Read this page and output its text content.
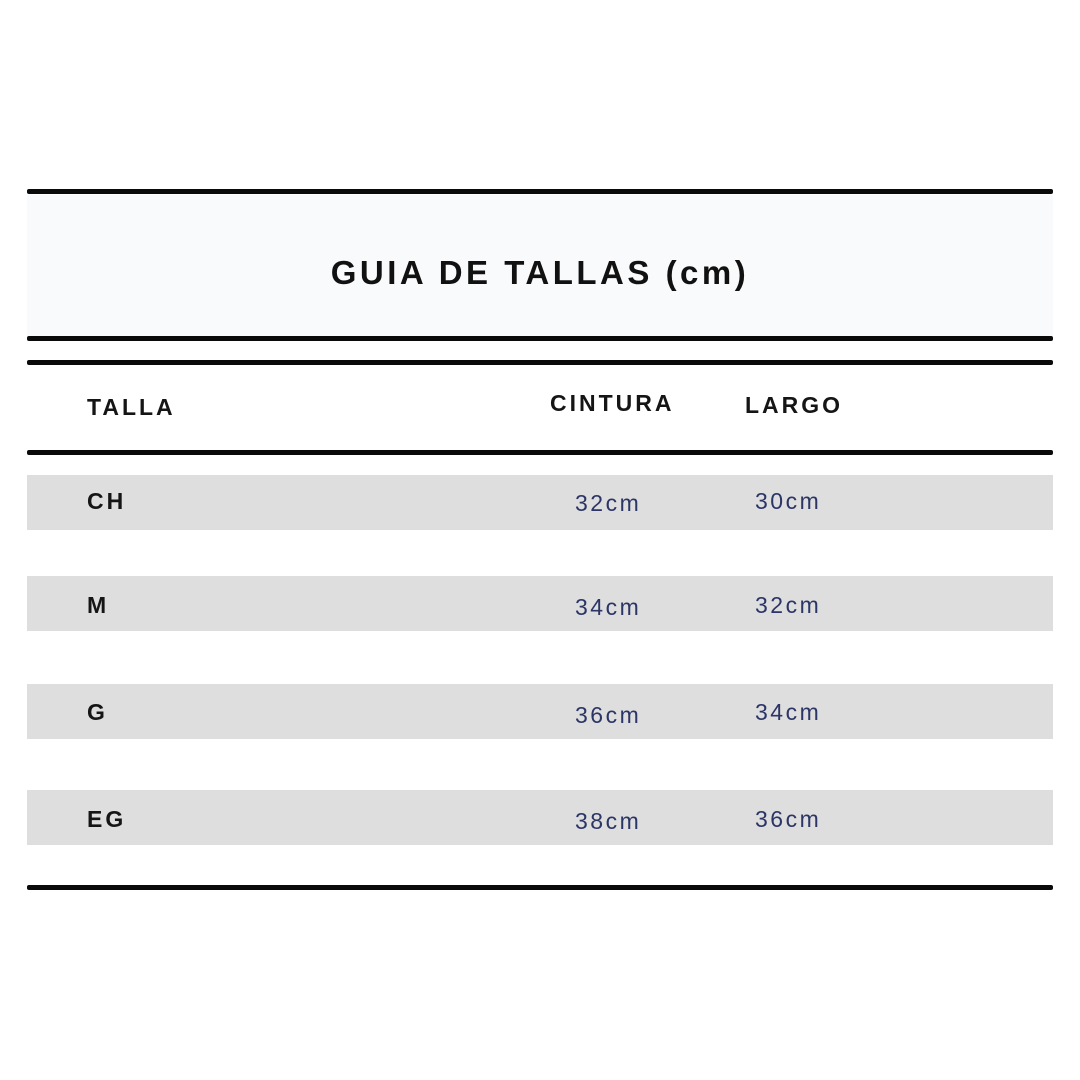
GUIA DE TALLAS (cm)
TALLA	CINTURA	LARGO
CH	32cm	30cm
M	34cm	32cm
G	36cm	34cm
EG	38cm	36cm
